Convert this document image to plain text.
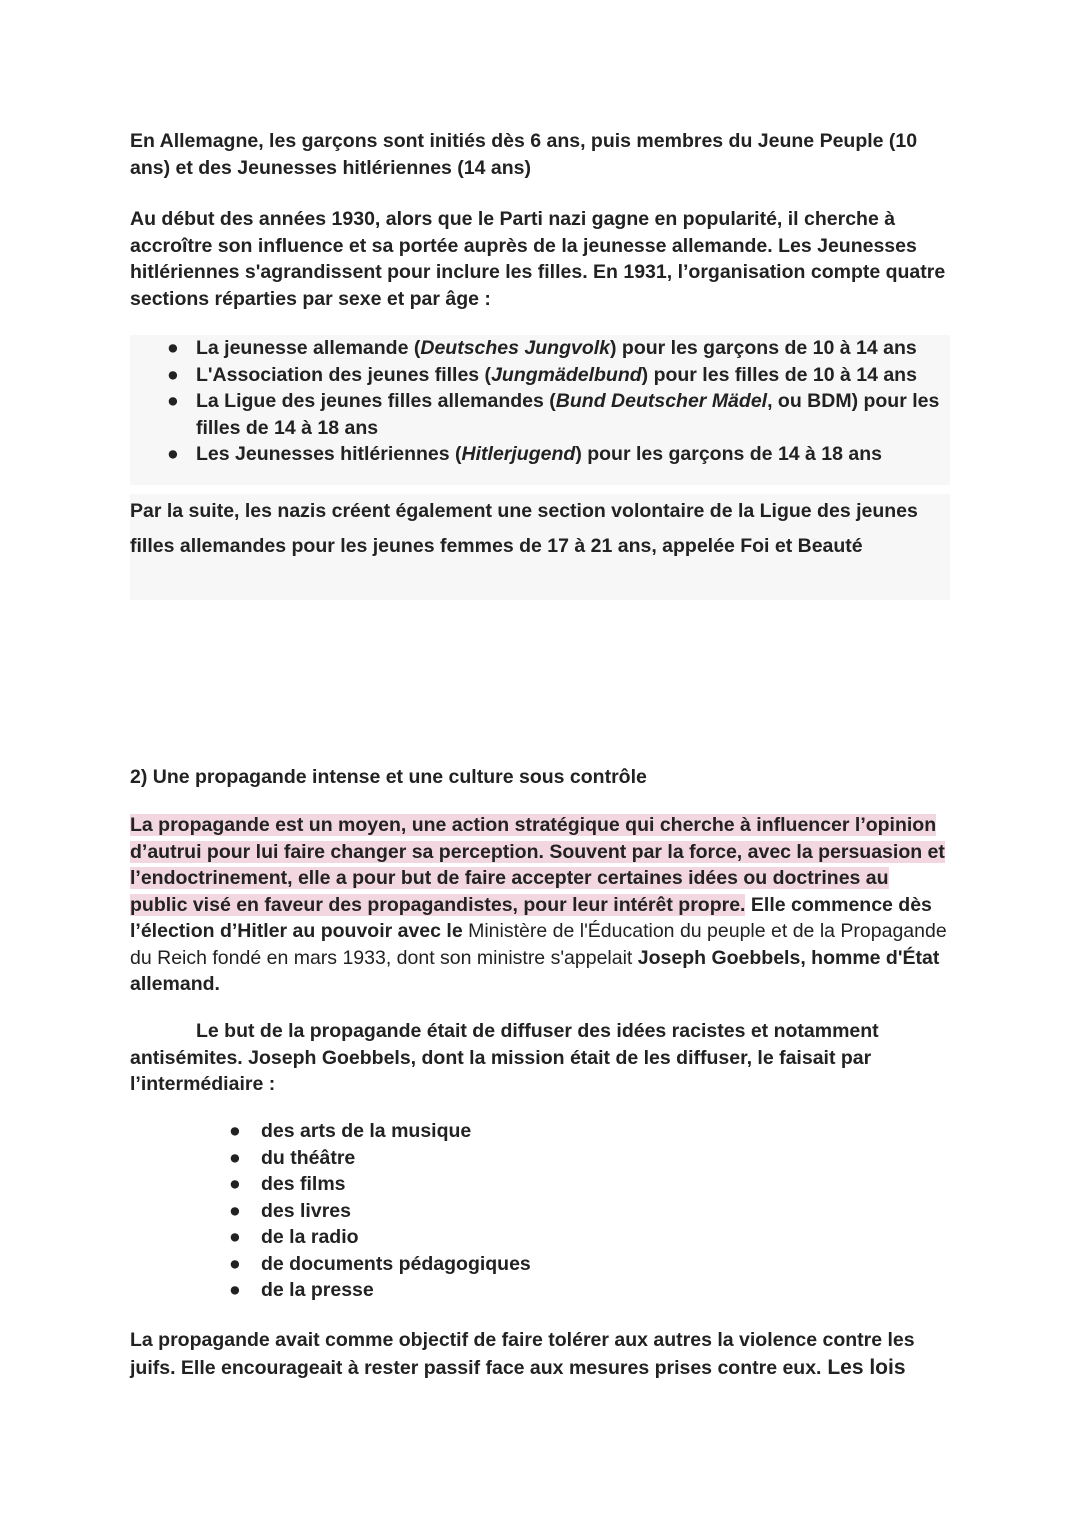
En Allemagne, les garçons sont initiés dès 6 ans, puis membres du Jeune Peuple (10 ans) et des Jeunesses hitlériennes (14 ans)

Au début des années 1930, alors que le Parti nazi gagne en popularité, il cherche à accroître son influence et sa portée auprès de la jeunesse allemande. Les Jeunesses hitlériennes s'agrandissent pour inclure les filles. En 1931, l’organisation compte quatre sections réparties par sexe et par âge :

● La jeunesse allemande (Deutsches Jungvolk) pour les garçons de 10 à 14 ans
● L'Association des jeunes filles (Jungmädelbund) pour les filles de 10 à 14 ans
● La Ligue des jeunes filles allemandes (Bund Deutscher Mädel, ou BDM) pour les filles de 14 à 18 ans
● Les Jeunesses hitlériennes (Hitlerjugend) pour les garçons de 14 à 18 ans
Par la suite, les nazis créent également une section volontaire de la Ligue des jeunes filles allemandes pour les jeunes femmes de 17 à 21 ans, appelée Foi et Beauté

2) Une propagande intense et une culture sous contrôle

La propagande est un moyen, une action stratégique qui cherche à influencer l’opinion d’autrui pour lui faire changer sa perception. Souvent par la force, avec la persuasion et l’endoctrinement, elle a pour but de faire accepter certaines idées ou doctrines au public visé en faveur des propagandistes, pour leur intérêt propre. Elle commence dès l’élection d’Hitler au pouvoir avec le Ministère de l'Éducation du peuple et de la Propagande du Reich fondé en mars 1933, dont son ministre s'appelait Joseph Goebbels, homme d'État allemand.

Le but de la propagande était de diffuser des idées racistes et notamment antisémites. Joseph Goebbels, dont la mission était de les diffuser, le faisait par l’intermédiaire :

● des arts de la musique
● du théâtre
● des films
● des livres
● de la radio
● de documents pédagogiques
● de la presse

La propagande avait comme objectif de faire tolérer aux autres la violence contre les juifs. Elle encourageait à rester passif face aux mesures prises contre eux. Les lois
